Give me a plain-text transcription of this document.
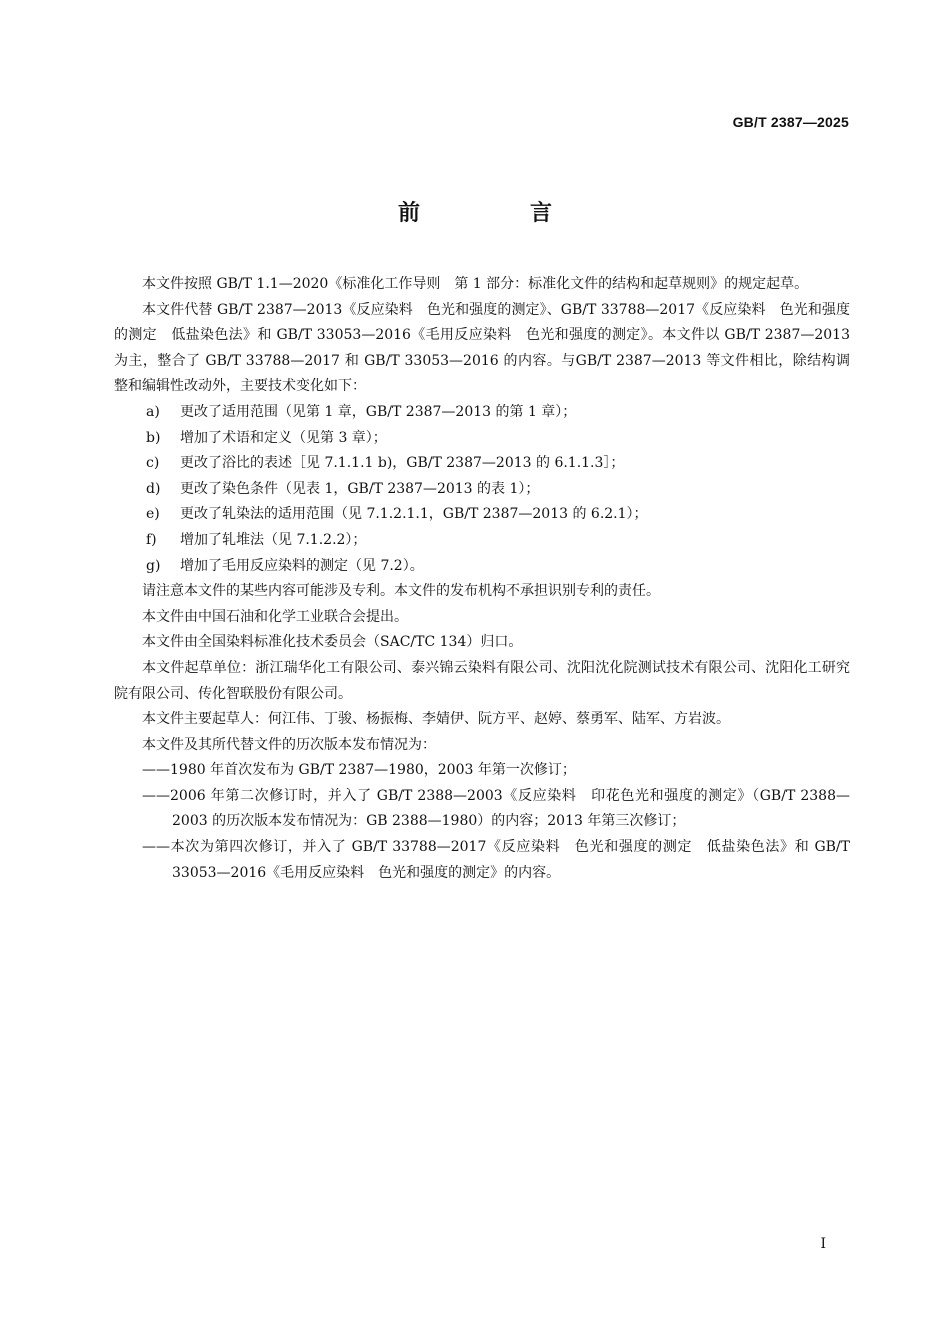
GB/T 2387—2025
前　言

本文件按照 GB/T 1.1—2020《标准化工作导则　第 1 部分：标准化文件的结构和起草规则》的规定起草。

本文件代替 GB/T 2387—2013《反应染料　色光和强度的测定》、GB/T 33788—2017《反应染料　色光和强度的测定　低盐染色法》和 GB/T 33053—2016《毛用反应染料　色光和强度的测定》。本文件以 GB/T 2387—2013 为主，整合了 GB/T 33788—2017 和 GB/T 33053—2016 的内容。与GB/T 2387—2013 等文件相比，除结构调整和编辑性改动外，主要技术变化如下：

a) 更改了适用范围（见第 1 章，GB/T 2387—2013 的第 1 章）；

b) 增加了术语和定义（见第 3 章）；

c) 更改了浴比的表述［见 7.1.1.1 b)，GB/T 2387—2013 的 6.1.1.3］；

d) 更改了染色条件（见表 1，GB/T 2387—2013 的表 1）；

e) 更改了轧染法的适用范围（见 7.1.2.1.1，GB/T 2387—2013 的 6.2.1）；

f) 增加了轧堆法（见 7.1.2.2）；

g) 增加了毛用反应染料的测定（见 7.2）。

请注意本文件的某些内容可能涉及专利。本文件的发布机构不承担识别专利的责任。

本文件由中国石油和化学工业联合会提出。

本文件由全国染料标准化技术委员会（SAC/TC 134）归口。

本文件起草单位：浙江瑞华化工有限公司、泰兴锦云染料有限公司、沈阳沈化院测试技术有限公司、沈阳化工研究院有限公司、传化智联股份有限公司。

本文件主要起草人：何江伟、丁骏、杨振梅、李婧伊、阮方平、赵婷、蔡勇军、陆军、方岩波。

本文件及其所代替文件的历次版本发布情况为：

——1980 年首次发布为 GB/T 2387—1980，2003 年第一次修订；

——2006 年第二次修订时，并入了 GB/T 2388—2003《反应染料　印花色光和强度的测定》（GB/T 2388—2003 的历次版本发布情况为：GB 2388—1980）的内容；2013 年第三次修订；

——本次为第四次修订，并入了 GB/T 33788—2017《反应染料　色光和强度的测定　低盐染色法》和 GB/T 33053—2016《毛用反应染料　色光和强度的测定》的内容。

I
